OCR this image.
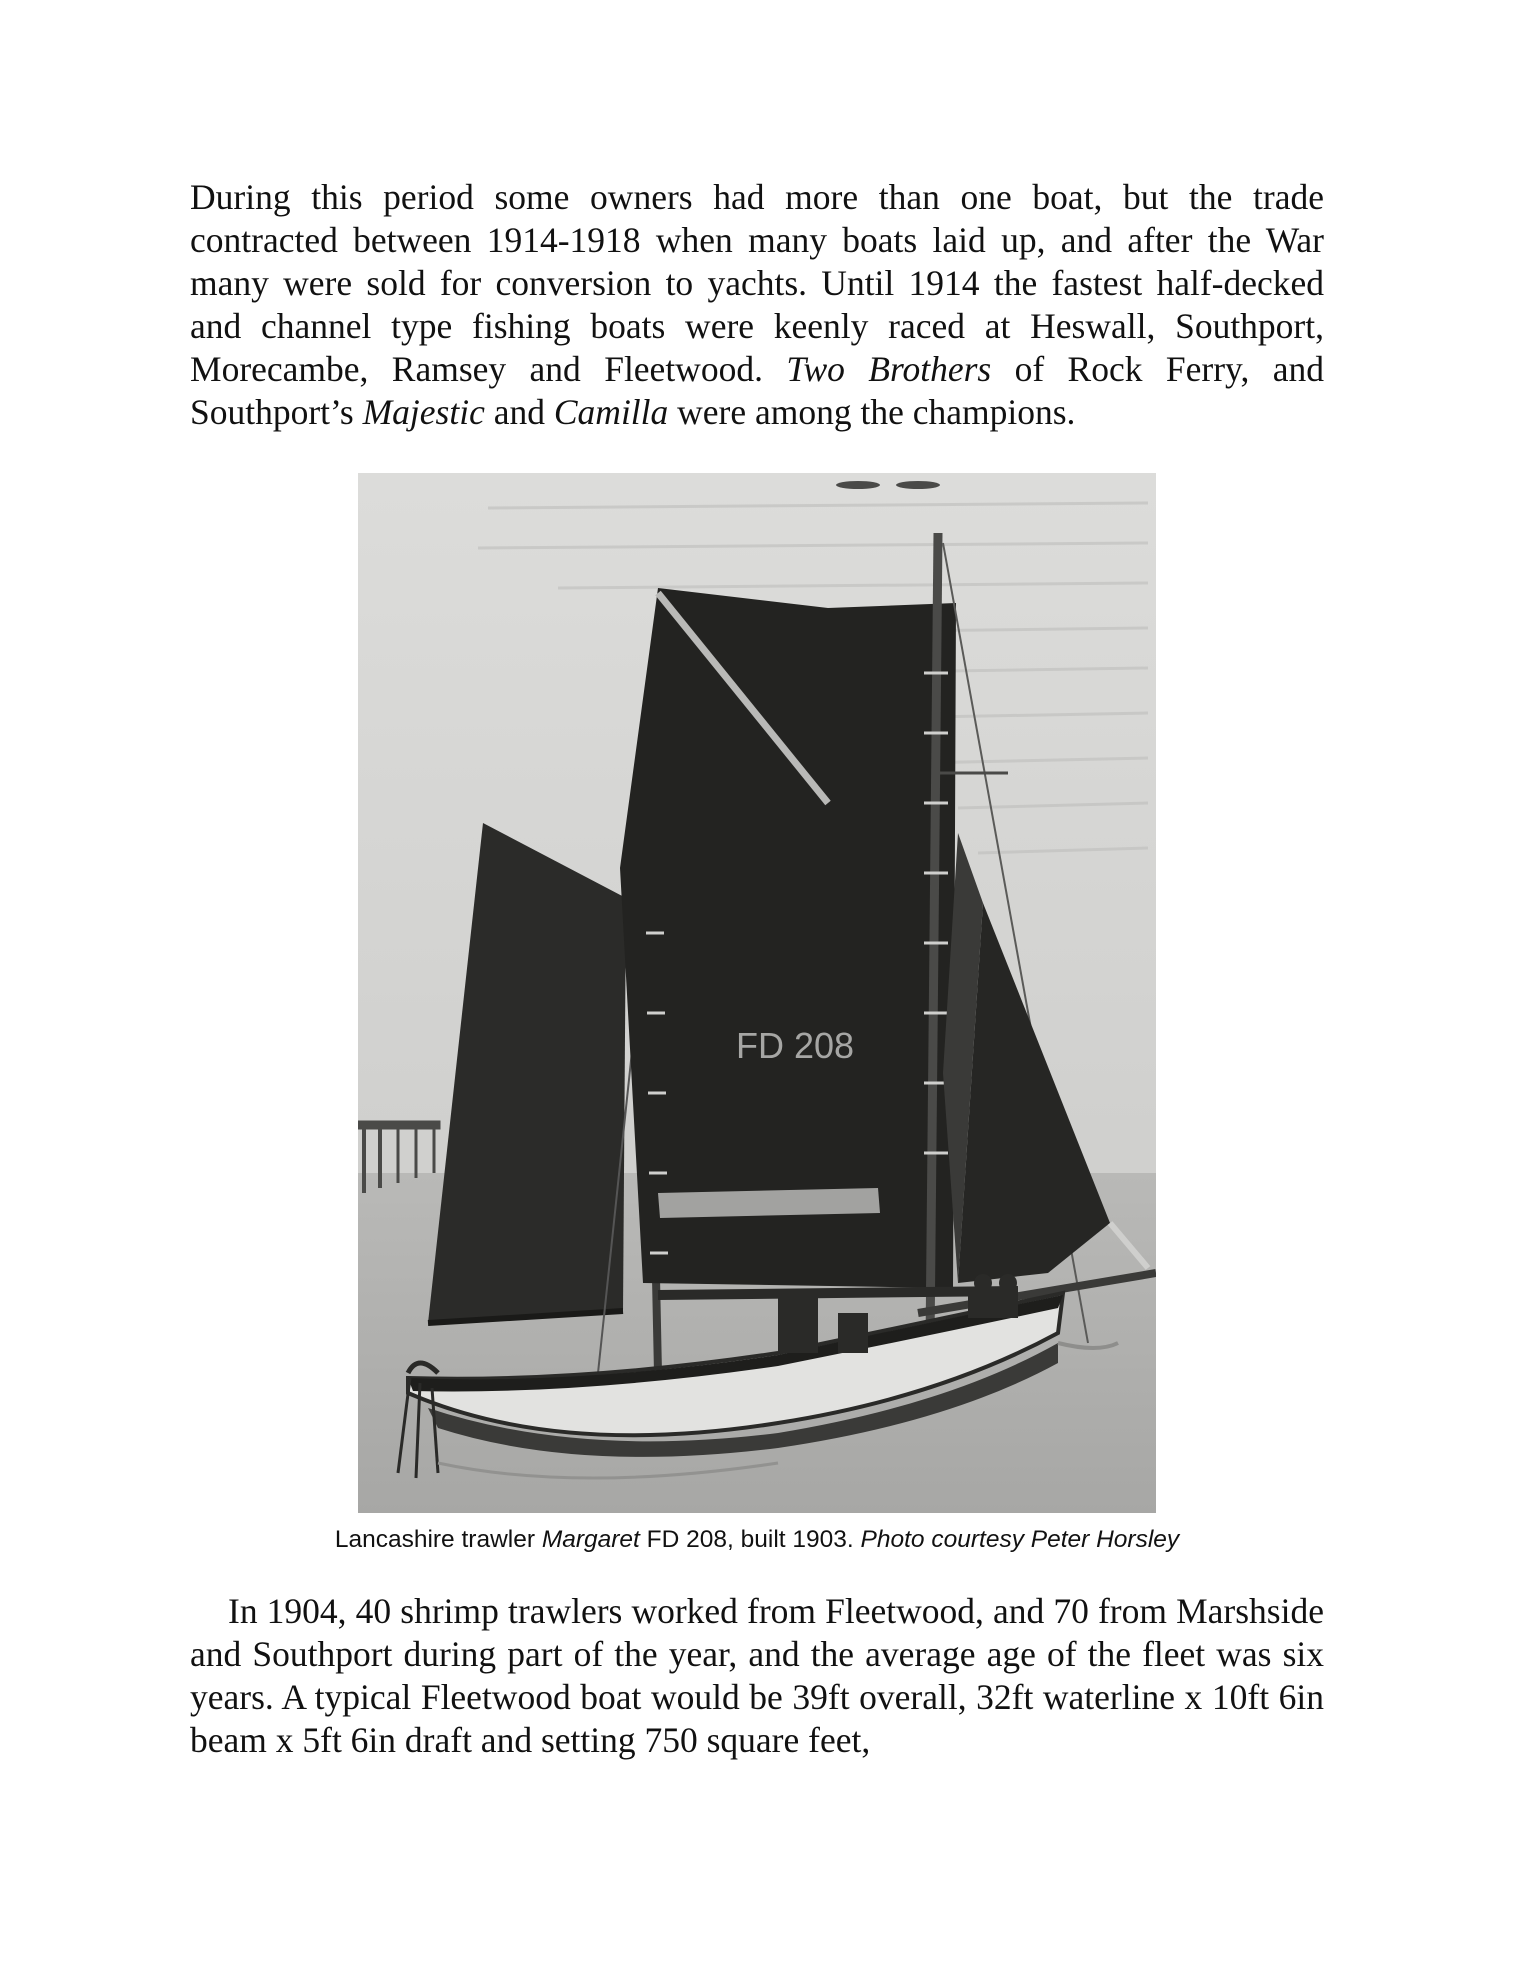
During this period some owners had more than one boat, but the trade contracted between 1914-1918 when many boats laid up, and after the War many were sold for conversion to yachts. Until 1914 the fastest half-decked and channel type fishing boats were keenly raced at Heswall, Southport, Morecambe, Ramsey and Fleetwood. Two Brothers of Rock Ferry, and Southport’s Majestic and Camilla were among the champions.

FD 208

Lancashire trawler Margaret FD 208, built 1903. Photo courtesy Peter Horsley

In 1904, 40 shrimp trawlers worked from Fleetwood, and 70 from Marshside and Southport during part of the year, and the average age of the fleet was six years. A typical Fleetwood boat would be 39ft overall, 32ft waterline x 10ft 6in beam x 5ft 6in draft and setting 750 square feet,
